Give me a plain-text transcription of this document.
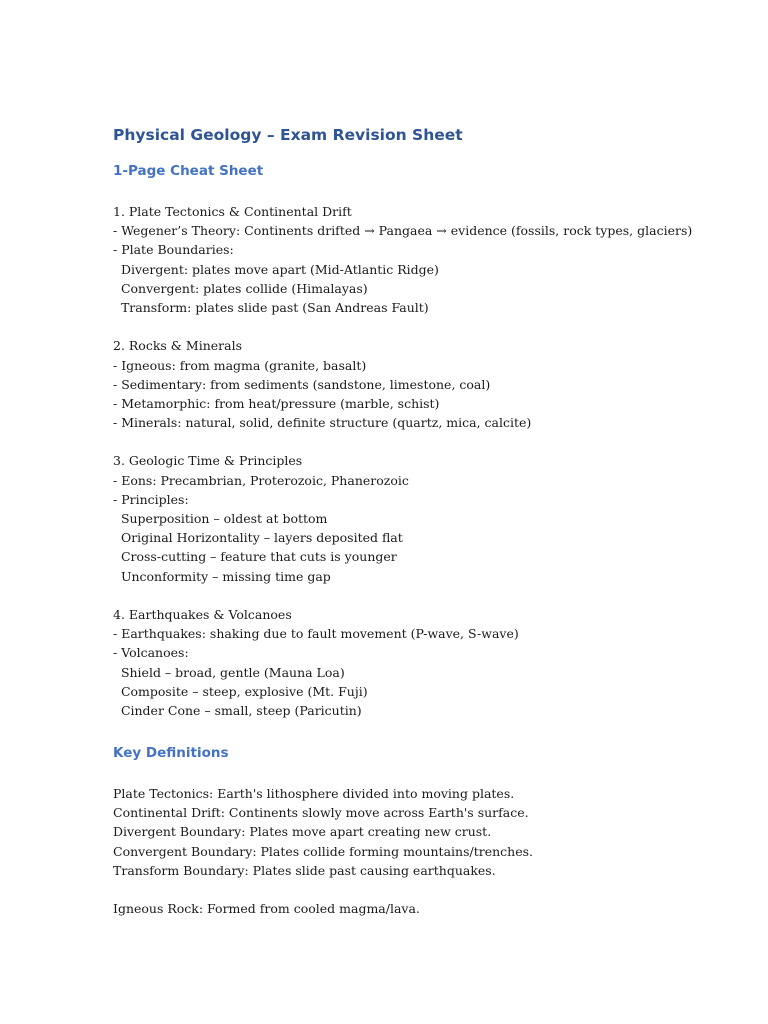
Physical Geology – Exam Revision Sheet
1-Page Cheat Sheet
1. Plate Tectonics & Continental Drift
- Wegener’s Theory: Continents drifted → Pangaea → evidence (fossils, rock types, glaciers)
- Plate Boundaries:
Divergent: plates move apart (Mid-Atlantic Ridge)
Convergent: plates collide (Himalayas)
Transform: plates slide past (San Andreas Fault)
2. Rocks & Minerals
- Igneous: from magma (granite, basalt)
- Sedimentary: from sediments (sandstone, limestone, coal)
- Metamorphic: from heat/pressure (marble, schist)
- Minerals: natural, solid, definite structure (quartz, mica, calcite)
3. Geologic Time & Principles
- Eons: Precambrian, Proterozoic, Phanerozoic
- Principles:
Superposition – oldest at bottom
Original Horizontality – layers deposited flat
Cross-cutting – feature that cuts is younger
Unconformity – missing time gap
4. Earthquakes & Volcanoes
- Earthquakes: shaking due to fault movement (P-wave, S-wave)
- Volcanoes:
Shield – broad, gentle (Mauna Loa)
Composite – steep, explosive (Mt. Fuji)
Cinder Cone – small, steep (Paricutin)
Key Definitions
Plate Tectonics: Earth's lithosphere divided into moving plates.
Continental Drift: Continents slowly move across Earth's surface.
Divergent Boundary: Plates move apart creating new crust.
Convergent Boundary: Plates collide forming mountains/trenches.
Transform Boundary: Plates slide past causing earthquakes.
Igneous Rock: Formed from cooled magma/lava.
